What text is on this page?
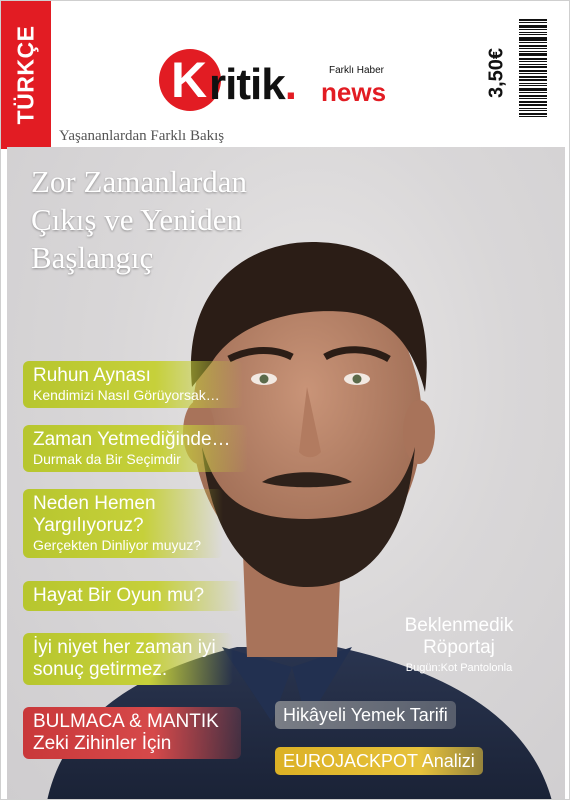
TÜRKÇE	K ritik. news
Farklı Haber	3,50€
Yaşananlardan Farklı Bakış
Zor Zamanlardan
Çıkış ve Yeniden
Başlangıç
Ruhun Aynası
Kendimizi Nasıl Görüyorsak…
Zaman Yetmediğinde…
Durmak da Bir Seçimdir
Neden Hemen Yargılıyoruz?
Gerçekten Dinliyor muyuz?
Hayat Bir Oyun mu?
İyi niyet her zaman iyi sonuç getirmez.
BULMACA & MANTIK
Zeki Zihinler İçin
Beklenmedik Röportaj
Bugün:Kot Pantolonla
Hikâyeli Yemek Tarifi
EUROJACKPOT Analizi
